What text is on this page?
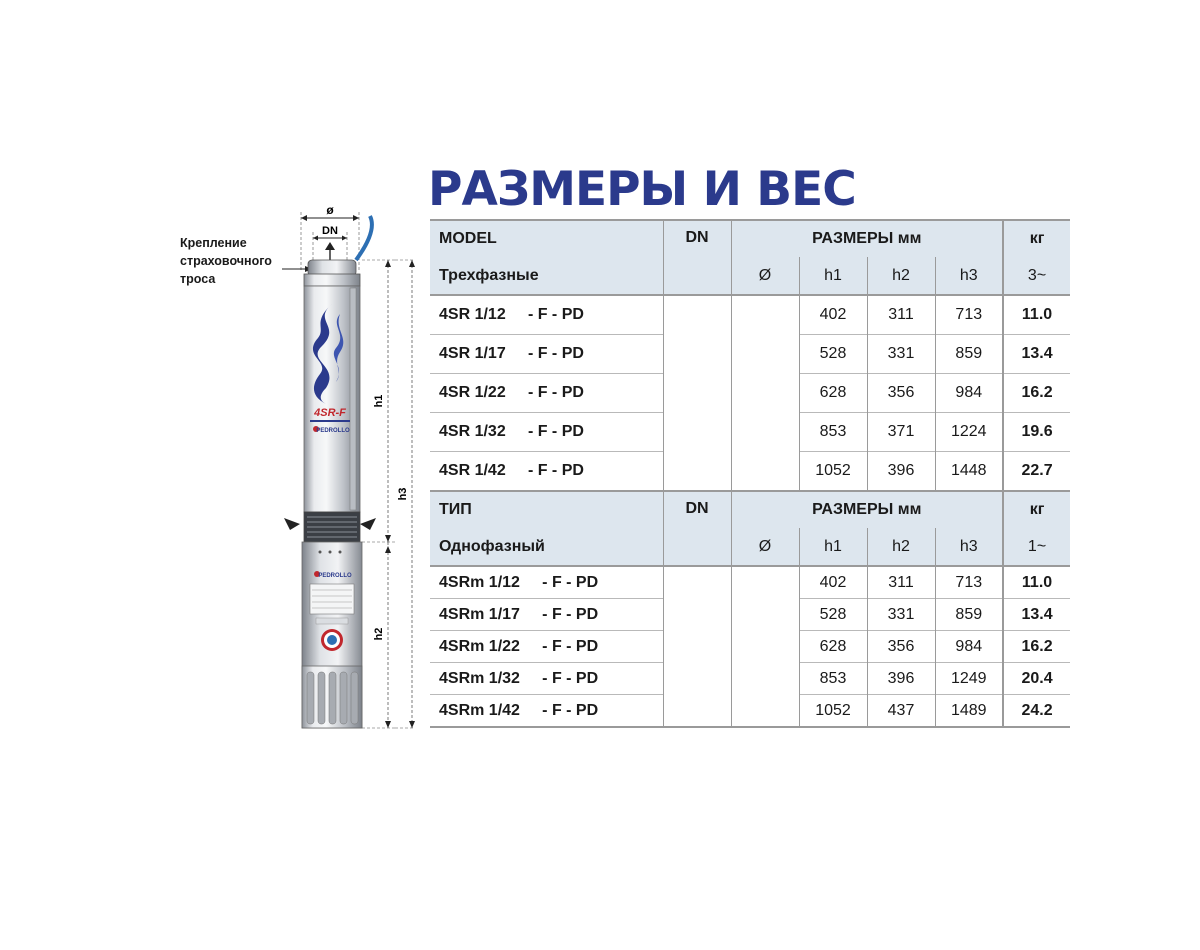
РАЗМЕРЫ И ВЕС
Крепление
страховочного
троса
ø
DN
4SR-F
PEDROLLO
PEDROLLO
h1
h2
h3
MODEL	DN	РАЗМЕРЫ мм				кг
Трехфазные		Ø	h1	h2	h3	3~
4SR 1/12     - F - PD			402	311	713	11.0
4SR 1/17     - F - PD			528	331	859	13.4
4SR 1/22     - F - PD			628	356	984	16.2
4SR 1/32     - F - PD			853	371	1224	19.6
4SR 1/42     - F - PD			1052	396	1448	22.7
ТИП	DN	РАЗМЕРЫ мм				кг
Однофазный		Ø	h1	h2	h3	1~
4SRm 1/12     - F - PD			402	311	713	11.0
4SRm 1/17     - F - PD			528	331	859	13.4
4SRm 1/22     - F - PD			628	356	984	16.2
4SRm 1/32     - F - PD			853	396	1249	20.4
4SRm 1/42     - F - PD			1052	437	1489	24.2
